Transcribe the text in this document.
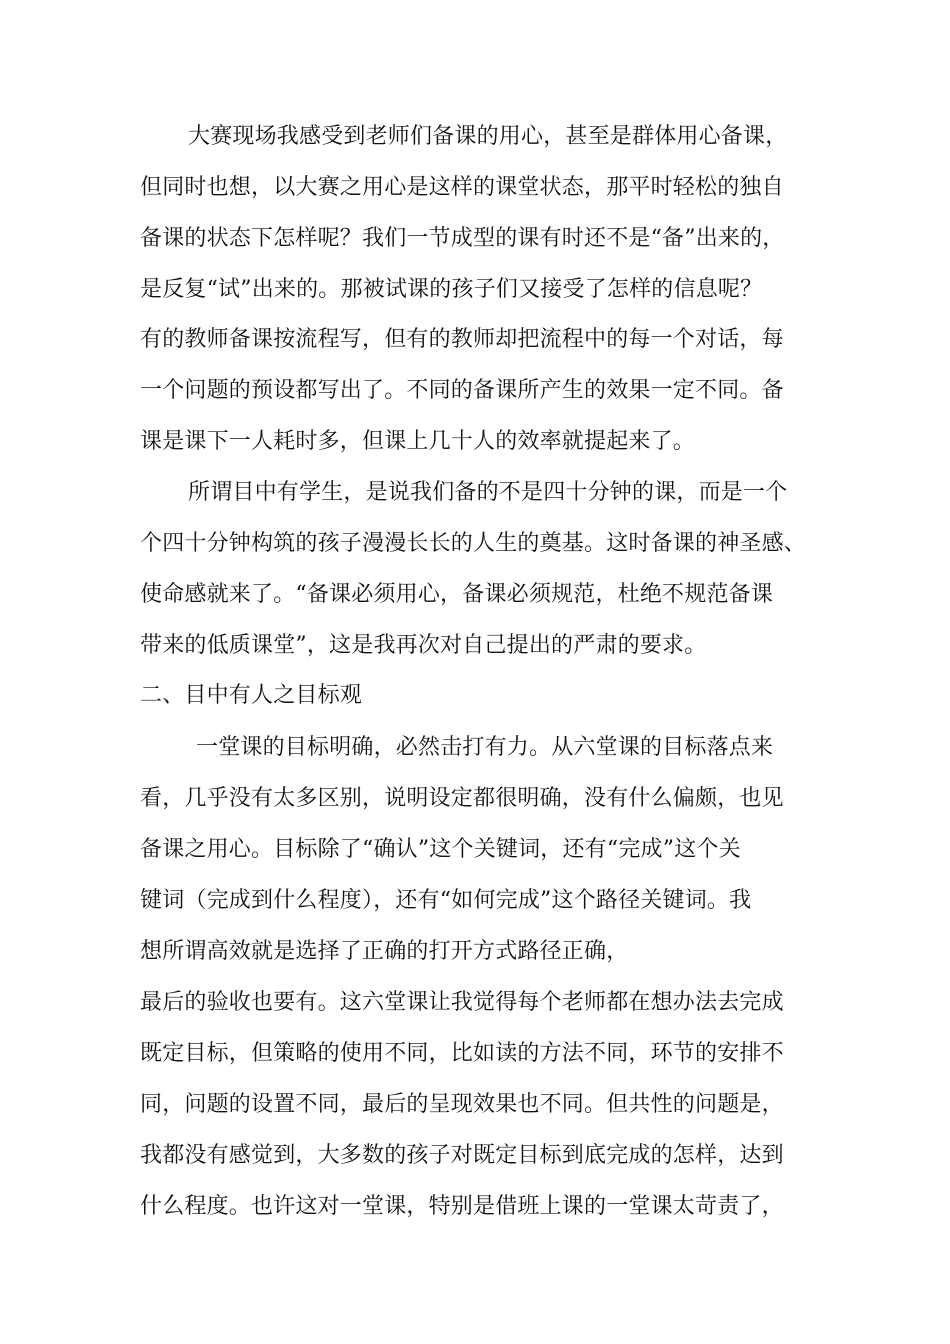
大赛现场我感受到老师们备课的用心，甚至是群体用心备课，
但同时也想，以大赛之用心是这样的课堂状态，那平时轻松的独自
备课的状态下怎样呢？我们一节成型的课有时还不是“备”出来的，
是反复“试”出来的。那被试课的孩子们又接受了怎样的信息呢？
有的教师备课按流程写，但有的教师却把流程中的每一个对话，每
一个问题的预设都写出了。不同的备课所产生的效果一定不同。备
课是课下一人耗时多，但课上几十人的效率就提起来了。
所谓目中有学生，是说我们备的不是四十分钟的课，而是一个
个四十分钟构筑的孩子漫漫长长的人生的奠基。这时备课的神圣感、
使命感就来了。“备课必须用心，备课必须规范，杜绝不规范备课
带来的低质课堂”，这是我再次对自己提出的严肃的要求。
二、目中有人之目标观
一堂课的目标明确，必然击打有力。从六堂课的目标落点来
看，几乎没有太多区别，说明设定都很明确，没有什么偏颇，也见
备课之用心。目标除了“确认”这个关键词，还有“完成”这个关
键词（完成到什么程度），还有“如何完成”这个路径关键词。我
想所谓高效就是选择了正确的打开方式路径正确，
最后的验收也要有。这六堂课让我觉得每个老师都在想办法去完成
既定目标，但策略的使用不同，比如读的方法不同，环节的安排不
同，问题的设置不同，最后的呈现效果也不同。但共性的问题是，
我都没有感觉到，大多数的孩子对既定目标到底完成的怎样，达到
什么程度。也许这对一堂课，特别是借班上课的一堂课太苛责了，
